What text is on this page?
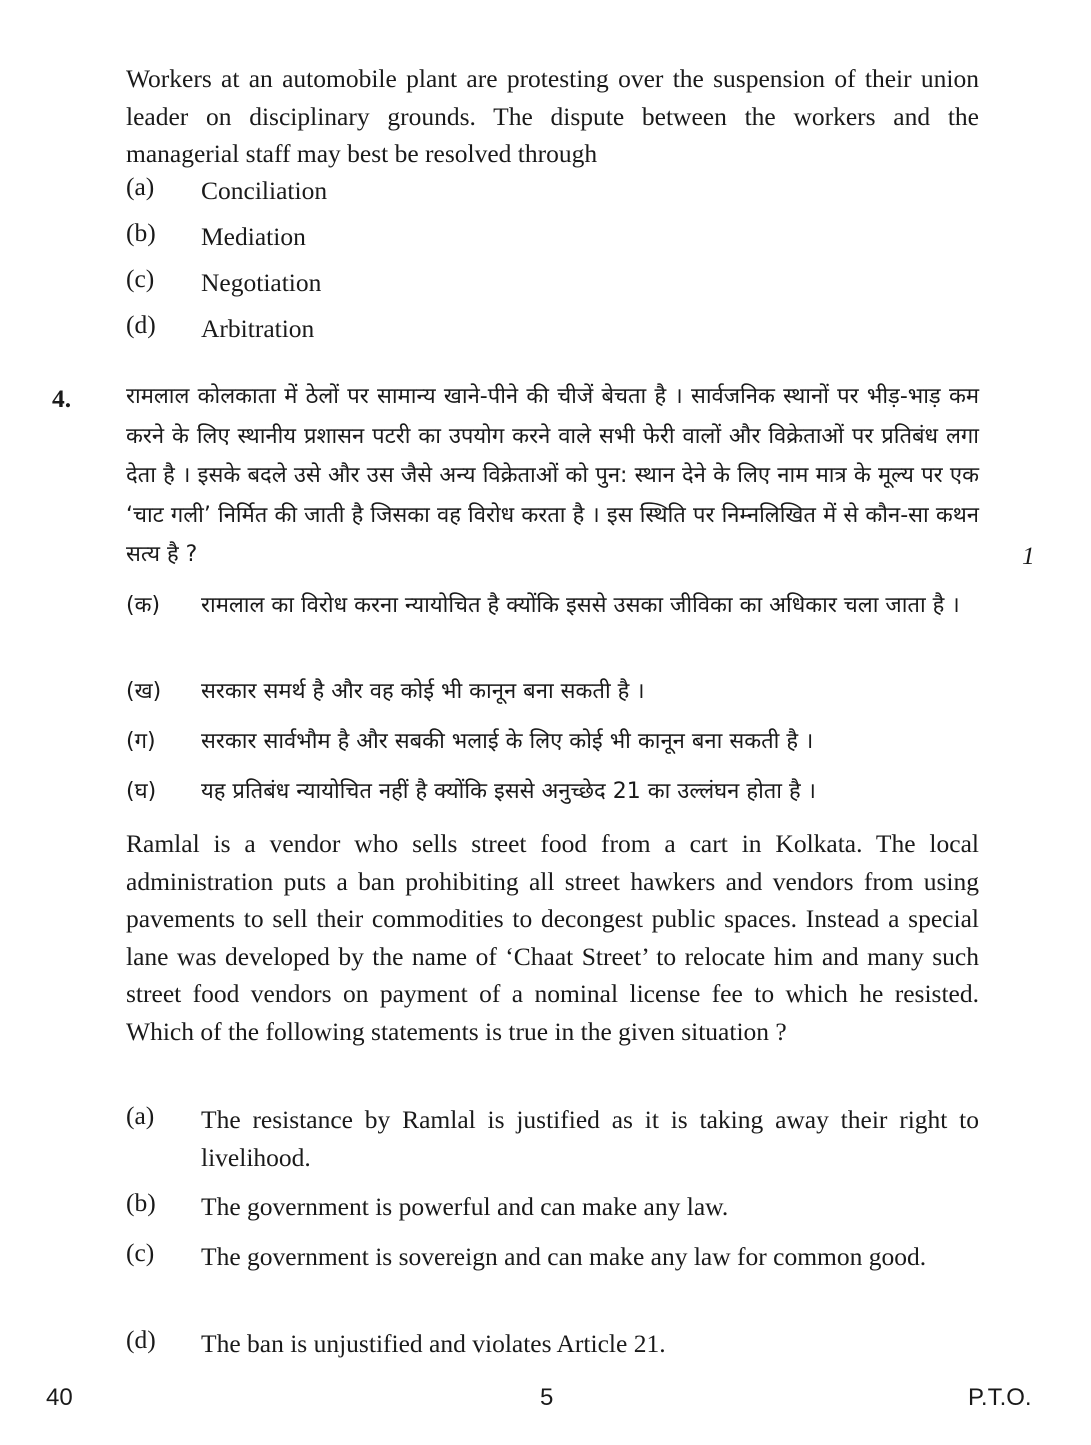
Workers at an automobile plant are protesting over the suspension of their union leader on disciplinary grounds. The dispute between the workers and the managerial staff may best be resolved through
(a) Conciliation
(b) Mediation
(c) Negotiation
(d) Arbitration
4.
1
रामलाल कोलकाता में ठेलों पर सामान्य खाने-पीने की चीजें बेचता है । सार्वजनिक स्थानों पर भीड़-भाड़ कम करने के लिए स्थानीय प्रशासन पटरी का उपयोग करने वाले सभी फेरी वालों और विक्रेताओं पर प्रतिबंध लगा देता है । इसके बदले उसे और उस जैसे अन्य विक्रेताओं को पुन: स्थान देने के लिए नाम मात्र के मूल्य पर एक ‘चाट गली’ निर्मित की जाती है जिसका वह विरोध करता है । इस स्थिति पर निम्नलिखित में से कौन-सा कथन सत्य है ?
(क) रामलाल का विरोध करना न्यायोचित है क्योंकि इससे उसका जीविका का अधिकार चला जाता है ।
(ख) सरकार समर्थ है और वह कोई भी कानून बना सकती है ।
(ग) सरकार सार्वभौम है और सबकी भलाई के लिए कोई भी कानून बना सकती है ।
(घ) यह प्रतिबंध न्यायोचित नहीं है क्योंकि इससे अनुच्छेद 21 का उल्लंघन होता है ।
Ramlal is a vendor who sells street food from a cart in Kolkata. The local administration puts a ban prohibiting all street hawkers and vendors from using pavements to sell their commodities to decongest public spaces. Instead a special lane was developed by the name of ‘Chaat Street’ to relocate him and many such street food vendors on payment of a nominal license fee to which he resisted. Which of the following statements is true in the given situation ?
(a) The resistance by Ramlal is justified as it is taking away their right to livelihood.
(b) The government is powerful and can make any law.
(c) The government is sovereign and can make any law for common good.
(d) The ban is unjustified and violates Article 21.
40	5	P.T.O.
